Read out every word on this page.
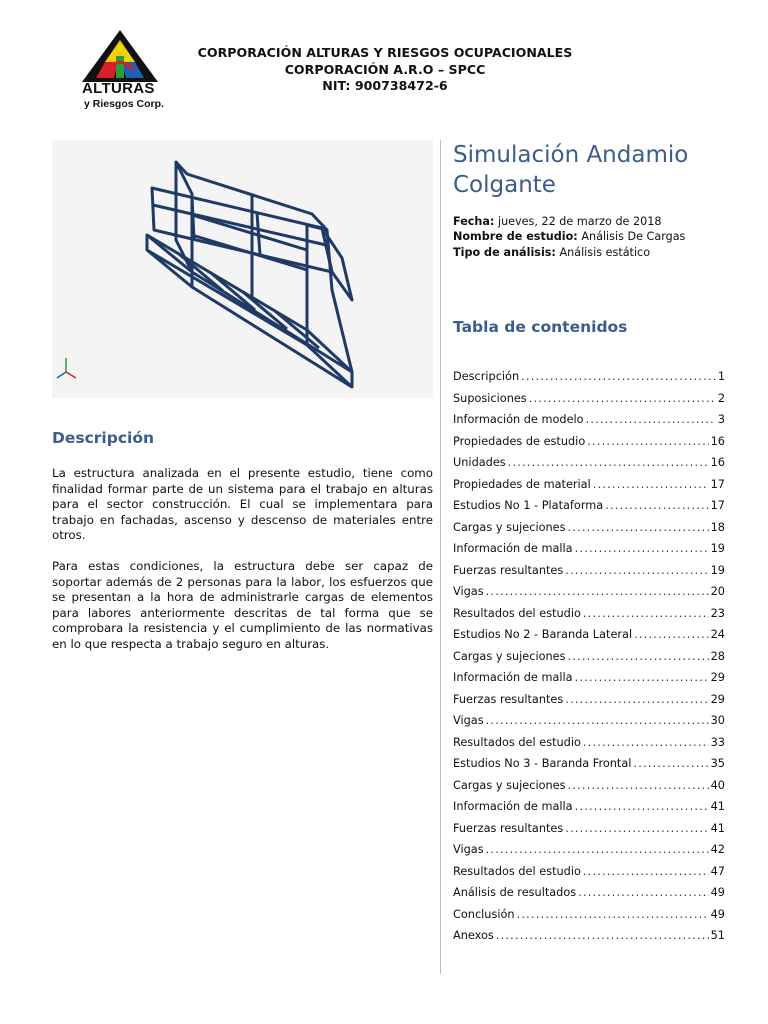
ALTURAS
y Riesgos Corp.
CORPORACIÓN ALTURAS Y RIESGOS OCUPACIONALES
CORPORACIÓN A.R.O – SPCC
NIT: 900738472-6
Simulación Andamio Colgante
Fecha: jueves, 22 de marzo de 2018
Nombre de estudio: Análisis De Cargas
Tipo de análisis: Análisis estático
Tabla de contenidos
Descripción .....	1
Suposiciones .....	2
Información de modelo .....	3
Propiedades de estudio .....	16
Unidades .....	16
Propiedades de material .....	17
Estudios No 1 - Plataforma .....	17
Cargas y sujeciones .....	18
Información de malla .....	19
Fuerzas resultantes .....	19
Vigas .....	20
Resultados del estudio .....	23
Estudios No 2 - Baranda Lateral .....	24
Cargas y sujeciones .....	28
Información de malla .....	29
Fuerzas resultantes .....	29
Vigas .....	30
Resultados del estudio .....	33
Estudios No 3 - Baranda Frontal .....	35
Cargas y sujeciones .....	40
Información de malla .....	41
Fuerzas resultantes .....	41
Vigas .....	42
Resultados del estudio .....	47
Análisis de resultados .....	49
Conclusión .....	49
Anexos .....	51
Descripción

La estructura analizada en el presente estudio, tiene como finalidad formar parte de un sistema para el trabajo en alturas para el sector construcción. El cual se implementara para trabajo en fachadas, ascenso y descenso de materiales entre otros.

Para estas condiciones, la estructura debe ser capaz de soportar además de 2 personas para la labor, los esfuerzos que se presentan a la hora de administrarle cargas de elementos para labores anteriormente descritas de tal forma que se comprobara la resistencia y el cumplimiento de las normativas en lo que respecta a trabajo seguro en alturas.
